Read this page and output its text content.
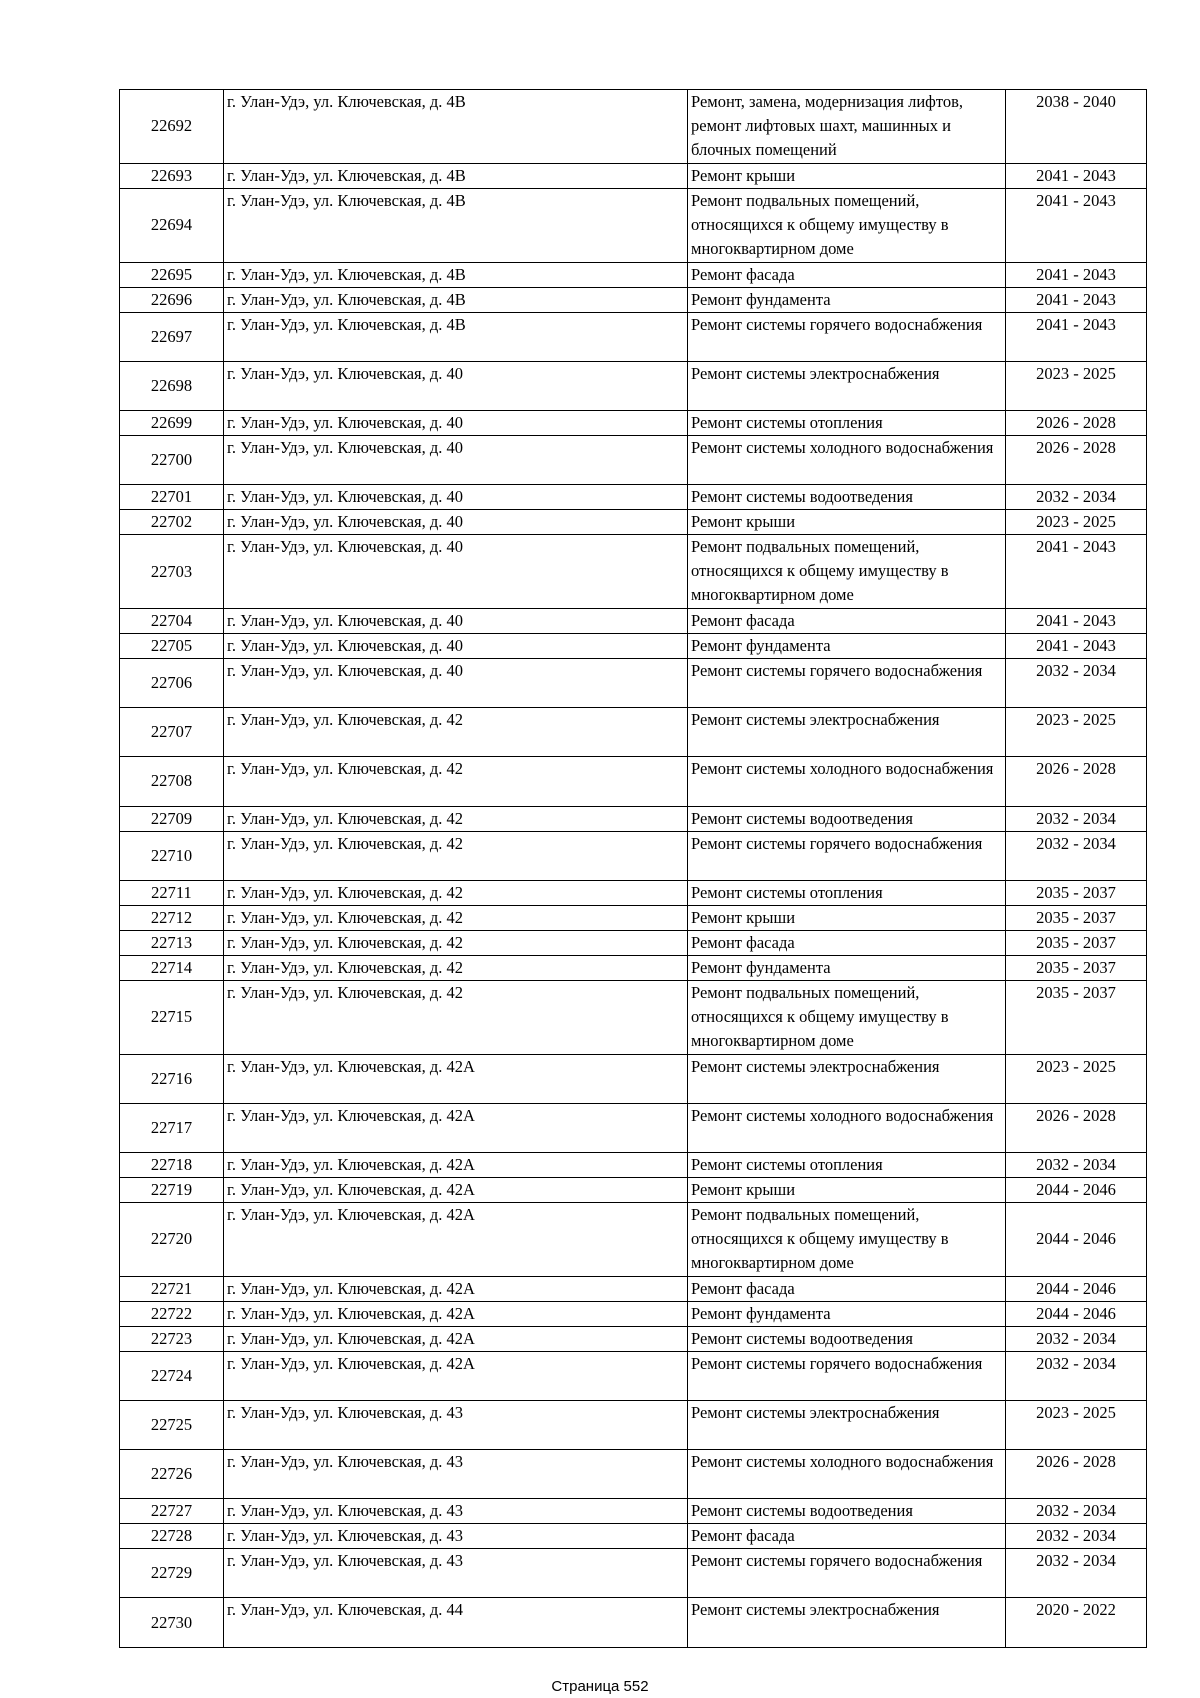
22692	г. Улан-Удэ, ул. Ключевская, д. 4В	Ремонт, замена, модернизация лифтов, ремонт лифтовых шахт, машинных и блочных помещений	2038 - 2040
22693	г. Улан-Удэ, ул. Ключевская, д. 4В	Ремонт крыши	2041 - 2043
22694	г. Улан-Удэ, ул. Ключевская, д. 4В	Ремонт подвальных помещений, относящихся к общему имуществу в многоквартирном доме	2041 - 2043
22695	г. Улан-Удэ, ул. Ключевская, д. 4В	Ремонт фасада	2041 - 2043
22696	г. Улан-Удэ, ул. Ключевская, д. 4В	Ремонт фундамента	2041 - 2043
22697	г. Улан-Удэ, ул. Ключевская, д. 4В	Ремонт системы горячего водоснабжения	2041 - 2043
22698	г. Улан-Удэ, ул. Ключевская, д. 40	Ремонт системы электроснабжения	2023 - 2025
22699	г. Улан-Удэ, ул. Ключевская, д. 40	Ремонт системы отопления	2026 - 2028
22700	г. Улан-Удэ, ул. Ключевская, д. 40	Ремонт системы холодного водоснабжения	2026 - 2028
22701	г. Улан-Удэ, ул. Ключевская, д. 40	Ремонт системы водоотведения	2032 - 2034
22702	г. Улан-Удэ, ул. Ключевская, д. 40	Ремонт крыши	2023 - 2025
22703	г. Улан-Удэ, ул. Ключевская, д. 40	Ремонт подвальных помещений, относящихся к общему имуществу в многоквартирном доме	2041 - 2043
22704	г. Улан-Удэ, ул. Ключевская, д. 40	Ремонт фасада	2041 - 2043
22705	г. Улан-Удэ, ул. Ключевская, д. 40	Ремонт фундамента	2041 - 2043
22706	г. Улан-Удэ, ул. Ключевская, д. 40	Ремонт системы горячего водоснабжения	2032 - 2034
22707	г. Улан-Удэ, ул. Ключевская, д. 42	Ремонт системы электроснабжения	2023 - 2025
22708	г. Улан-Удэ, ул. Ключевская, д. 42	Ремонт системы холодного водоснабжения	2026 - 2028
22709	г. Улан-Удэ, ул. Ключевская, д. 42	Ремонт системы водоотведения	2032 - 2034
22710	г. Улан-Удэ, ул. Ключевская, д. 42	Ремонт системы горячего водоснабжения	2032 - 2034
22711	г. Улан-Удэ, ул. Ключевская, д. 42	Ремонт системы отопления	2035 - 2037
22712	г. Улан-Удэ, ул. Ключевская, д. 42	Ремонт крыши	2035 - 2037
22713	г. Улан-Удэ, ул. Ключевская, д. 42	Ремонт фасада	2035 - 2037
22714	г. Улан-Удэ, ул. Ключевская, д. 42	Ремонт фундамента	2035 - 2037
22715	г. Улан-Удэ, ул. Ключевская, д. 42	Ремонт подвальных помещений, относящихся к общему имуществу в многоквартирном доме	2035 - 2037
22716	г. Улан-Удэ, ул. Ключевская, д. 42А	Ремонт системы электроснабжения	2023 - 2025
22717	г. Улан-Удэ, ул. Ключевская, д. 42А	Ремонт системы холодного водоснабжения	2026 - 2028
22718	г. Улан-Удэ, ул. Ключевская, д. 42А	Ремонт системы отопления	2032 - 2034
22719	г. Улан-Удэ, ул. Ключевская, д. 42А	Ремонт крыши	2044 - 2046
22720	г. Улан-Удэ, ул. Ключевская, д. 42А	Ремонт подвальных помещений, относящихся к общему имуществу в многоквартирном доме	2044 - 2046
22721	г. Улан-Удэ, ул. Ключевская, д. 42А	Ремонт фасада	2044 - 2046
22722	г. Улан-Удэ, ул. Ключевская, д. 42А	Ремонт фундамента	2044 - 2046
22723	г. Улан-Удэ, ул. Ключевская, д. 42А	Ремонт системы водоотведения	2032 - 2034
22724	г. Улан-Удэ, ул. Ключевская, д. 42А	Ремонт системы горячего водоснабжения	2032 - 2034
22725	г. Улан-Удэ, ул. Ключевская, д. 43	Ремонт системы электроснабжения	2023 - 2025
22726	г. Улан-Удэ, ул. Ключевская, д. 43	Ремонт системы холодного водоснабжения	2026 - 2028
22727	г. Улан-Удэ, ул. Ключевская, д. 43	Ремонт системы водоотведения	2032 - 2034
22728	г. Улан-Удэ, ул. Ключевская, д. 43	Ремонт фасада	2032 - 2034
22729	г. Улан-Удэ, ул. Ключевская, д. 43	Ремонт системы горячего водоснабжения	2032 - 2034
22730	г. Улан-Удэ, ул. Ключевская, д. 44	Ремонт системы электроснабжения	2020 - 2022
Страница 552
